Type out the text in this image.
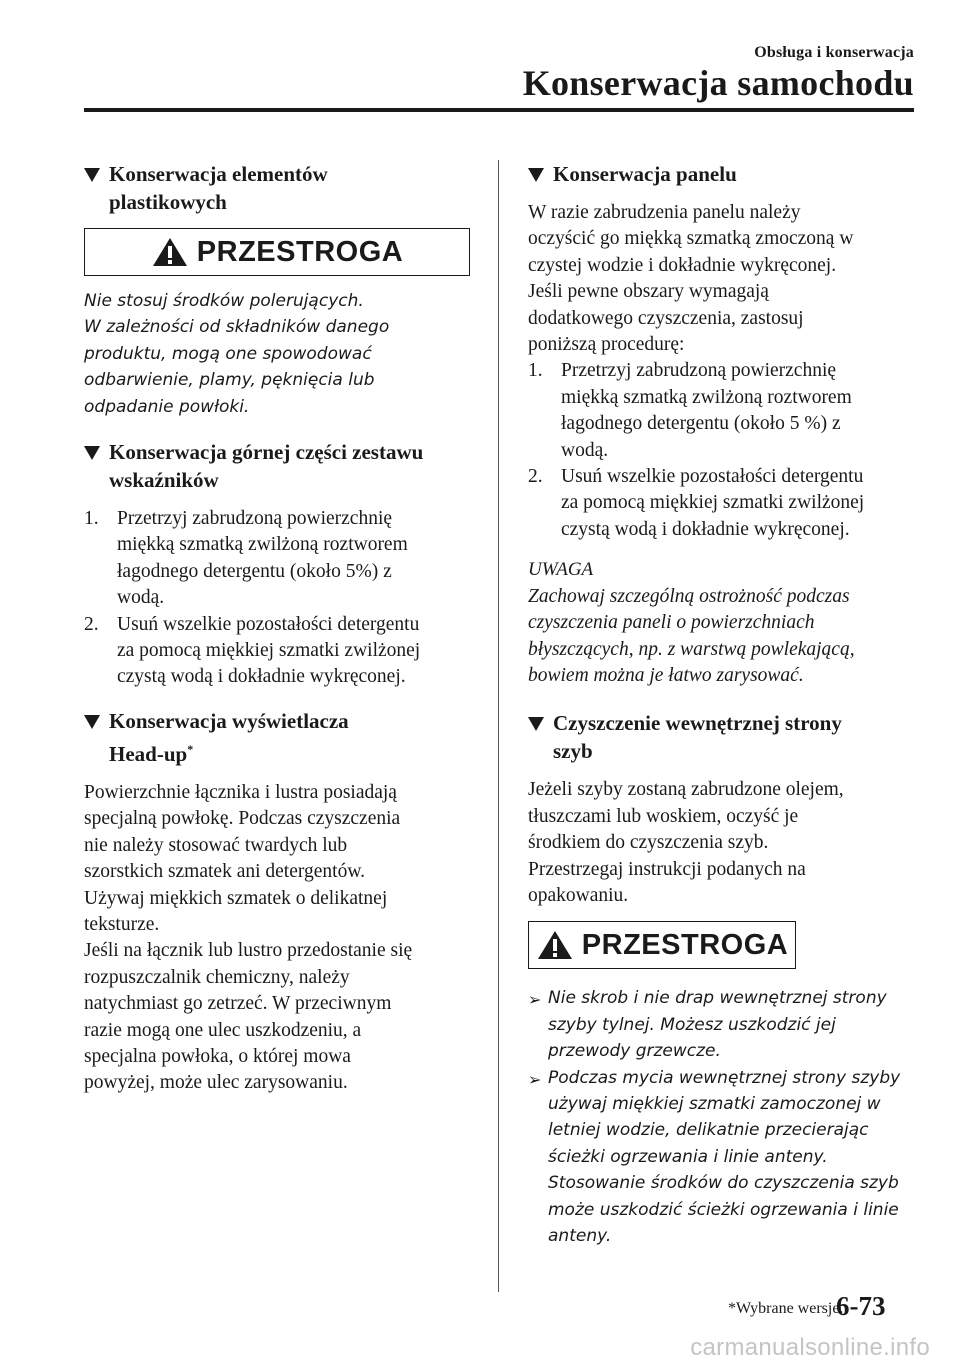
Obsługa i konserwacja
Konserwacja samochodu
Konserwacja elementów
plastikowych
PRZESTROGA
Nie stosuj środków polerujących.
W zależności od składników danego
produktu, mogą one spowodować
odbarwienie, plamy, pęknięcia lub
odpadanie powłoki.
Konserwacja górnej części zestawu
wskaźników
1. Przetrzyj zabrudzoną powierzchnię
miękką szmatką zwilżoną roztworem
łagodnego detergentu (około 5%) z
wodą.
2. Usuń wszelkie pozostałości detergentu
za pomocą miękkiej szmatki zwilżonej
czystą wodą i dokładnie wykręconej.
Konserwacja wyświetlacza
Head-up*
Powierzchnie łącznika i lustra posiadają
specjalną powłokę. Podczas czyszczenia
nie należy stosować twardych lub
szorstkich szmatek ani detergentów.
Używaj miękkich szmatek o delikatnej
teksturze.
Jeśli na łącznik lub lustro przedostanie się
rozpuszczalnik chemiczny, należy
natychmiast go zetrzeć. W przeciwnym
razie mogą one ulec uszkodzeniu, a
specjalna powłoka, o której mowa
powyżej, może ulec zarysowaniu.
Konserwacja panelu
W razie zabrudzenia panelu należy
oczyścić go miękką szmatką zmoczoną w
czystej wodzie i dokładnie wykręconej.
Jeśli pewne obszary wymagają
dodatkowego czyszczenia, zastosuj
poniższą procedurę:
1. Przetrzyj zabrudzoną powierzchnię
miękką szmatką zwilżoną roztworem
łagodnego detergentu (około 5 %) z
wodą.
2. Usuń wszelkie pozostałości detergentu
za pomocą miękkiej szmatki zwilżonej
czystą wodą i dokładnie wykręconej.
UWAGA
Zachowaj szczególną ostrożność podczas
czyszczenia paneli o powierzchniach
błyszczących, np. z warstwą powlekającą,
bowiem można je łatwo zarysować.
Czyszczenie wewnętrznej strony
szyb
Jeżeli szyby zostaną zabrudzone olejem,
tłuszczami lub woskiem, oczyść je
środkiem do czyszczenia szyb.
Przestrzegaj instrukcji podanych na
opakowaniu.
PRZESTROGA
➢ Nie skrob i nie drap wewnętrznej strony
szyby tylnej. Możesz uszkodzić jej
przewody grzewcze.
➢ Podczas mycia wewnętrznej strony szyby
używaj miękkiej szmatki zamoczonej w
letniej wodzie, delikatnie przecierając
ścieżki ogrzewania i linie anteny.
Stosowanie środków do czyszczenia szyb
może uszkodzić ścieżki ogrzewania i linie
anteny.
*Wybrane wersje.
6-73
carmanualsonline.info
